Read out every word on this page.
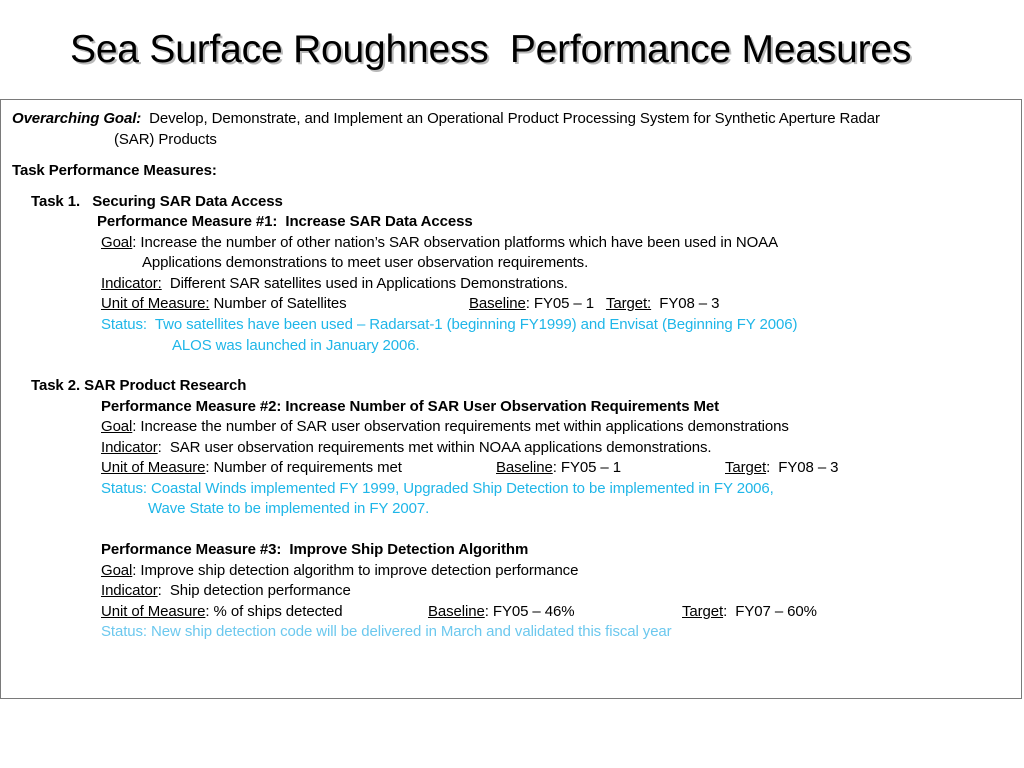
Sea Surface Roughness  Performance Measures
Overarching Goal: Develop, Demonstrate, and Implement an Operational Product Processing System for Synthetic Aperture Radar
(SAR) Products
Task Performance Measures:
Task 1.   Securing SAR Data Access
Performance Measure #1:  Increase SAR Data Access
Goal: Increase the number of other nation’s SAR observation platforms which have been used in NOAA
Applications demonstrations to meet user observation requirements.
Indicator:  Different SAR satellites used in Applications Demonstrations.
Unit of Measure: Number of Satellites	Baseline: FY05 – 1 Target:  FY08 – 3
Status:  Two satellites have been used – Radarsat-1 (beginning FY1999) and Envisat (Beginning FY 2006)
ALOS was launched in January 2006.
Task 2. SAR Product Research
Performance Measure #2: Increase Number of SAR User Observation Requirements Met
Goal: Increase the number of SAR user observation requirements met within applications demonstrations
Indicator:  SAR user observation requirements met within NOAA applications demonstrations.
Unit of Measure: Number of requirements met	Baseline: FY05 – 1	Target:  FY08 – 3
Status: Coastal Winds implemented FY 1999, Upgraded Ship Detection to be implemented in FY 2006,
Wave State to be implemented in FY 2007.
Performance Measure #3:  Improve Ship Detection Algorithm
Goal: Improve ship detection algorithm to improve detection performance
Indicator:  Ship detection performance
Unit of Measure: % of ships detected	Baseline: FY05 – 46%	Target:  FY07 – 60%
Status: New ship detection code will be delivered in March and validated this fiscal year
